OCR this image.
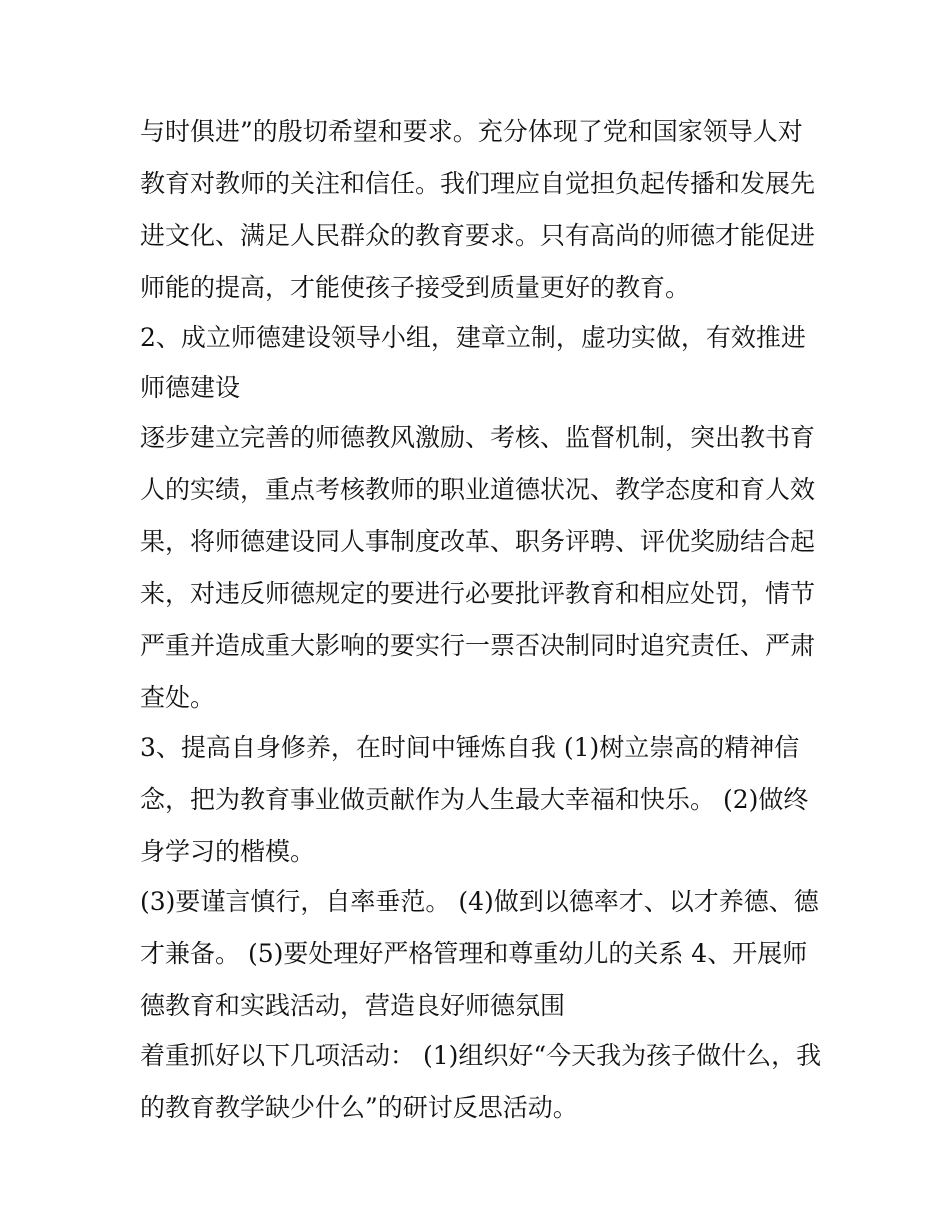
与时俱进”的殷切希望和要求。充分体现了党和国家领导人对
教育对教师的关注和信任。我们理应自觉担负起传播和发展先
进文化、满足人民群众的教育要求。只有高尚的师德才能促进
师能的提高，才能使孩子接受到质量更好的教育。
2、成立师德建设领导小组，建章立制，虚功实做，有效推进
师德建设
逐步建立完善的师德教风激励、考核、监督机制，突出教书育
人的实绩，重点考核教师的职业道德状况、教学态度和育人效
果，将师德建设同人事制度改革、职务评聘、评优奖励结合起
来，对违反师德规定的要进行必要批评教育和相应处罚，情节
严重并造成重大影响的要实行一票否决制同时追究责任、严肃
查处。
3、提高自身修养，在时间中锤炼自我 (1)树立崇高的精神信
念，把为教育事业做贡献作为人生最大幸福和快乐。 (2)做终
身学习的楷模。
(3)要谨言慎行，自率垂范。 (4)做到以德率才、以才养德、德
才兼备。 (5)要处理好严格管理和尊重幼儿的关系 4、开展师
德教育和实践活动，营造良好师德氛围
着重抓好以下几项活动： (1)组织好“今天我为孩子做什么，我
的教育教学缺少什么”的研讨反思活动。
